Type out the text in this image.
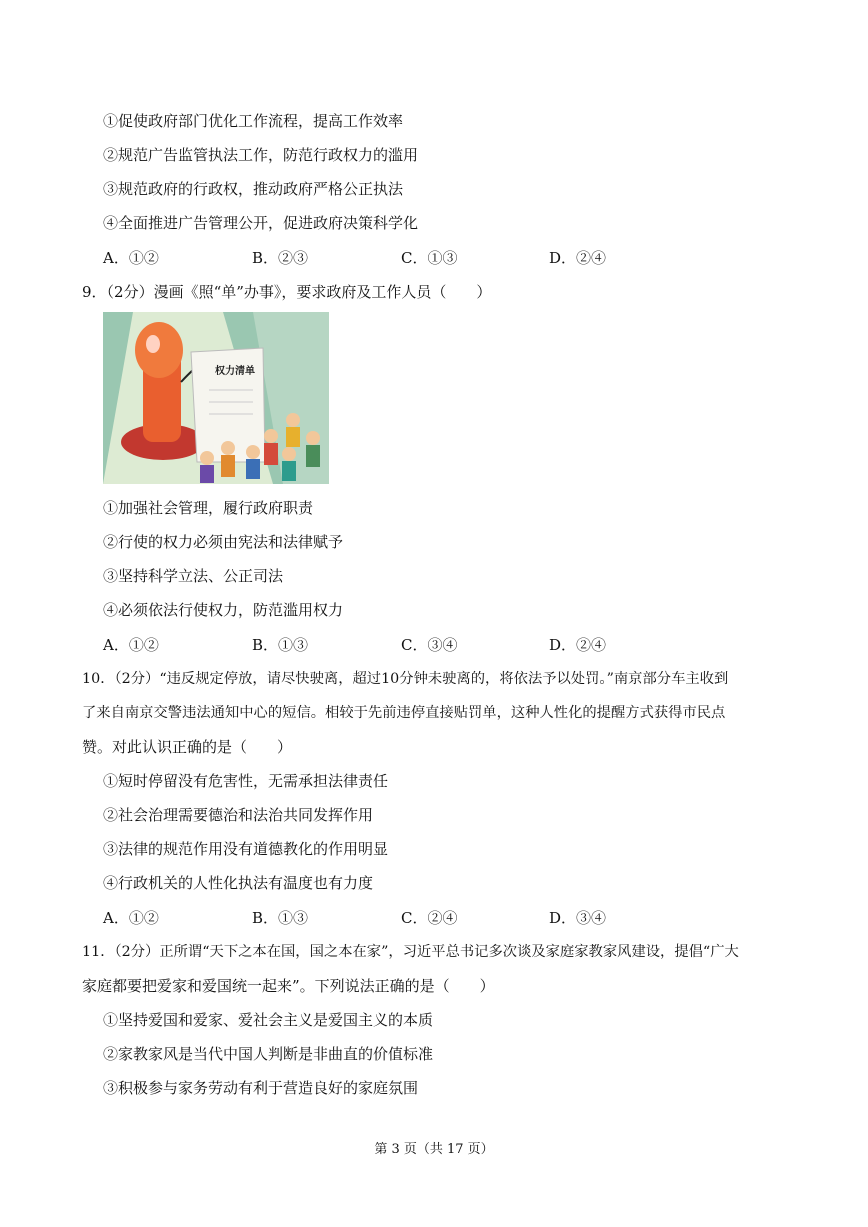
①促使政府部门优化工作流程，提高工作效率
②规范广告监管执法工作，防范行政权力的滥用
③规范政府的行政权，推动政府严格公正执法
④全面推进广告管理公开，促进政府决策科学化
A．①②	B．②③	C．①③	D．②④
9．（2分）漫画《照“单”办事》，要求政府及工作人员（　　）
权力清单
①加强社会管理，履行政府职责
②行使的权力必须由宪法和法律赋予
③坚持科学立法、公正司法
④必须依法行使权力，防范滥用权力
A．①②	B．①③	C．③④	D．②④
10．（2分）“违反规定停放，请尽快驶离，超过10分钟未驶离的，将依法予以处罚。”南京部分车主收到
了来自南京交警违法通知中心的短信。相较于先前违停直接贴罚单，这种人性化的提醒方式获得市民点
赞。对此认识正确的是（　　）
①短时停留没有危害性，无需承担法律责任
②社会治理需要德治和法治共同发挥作用
③法律的规范作用没有道德教化的作用明显
④行政机关的人性化执法有温度也有力度
A．①②	B．①③	C．②④	D．③④
11．（2分）正所谓“天下之本在国，国之本在家”，习近平总书记多次谈及家庭家教家风建设，提倡“广大
家庭都要把爱家和爱国统一起来”。下列说法正确的是（　　）
①坚持爱国和爱家、爱社会主义是爱国主义的本质
②家教家风是当代中国人判断是非曲直的价值标准
③积极参与家务劳动有利于营造良好的家庭氛围
第 3 页（共 17 页）
